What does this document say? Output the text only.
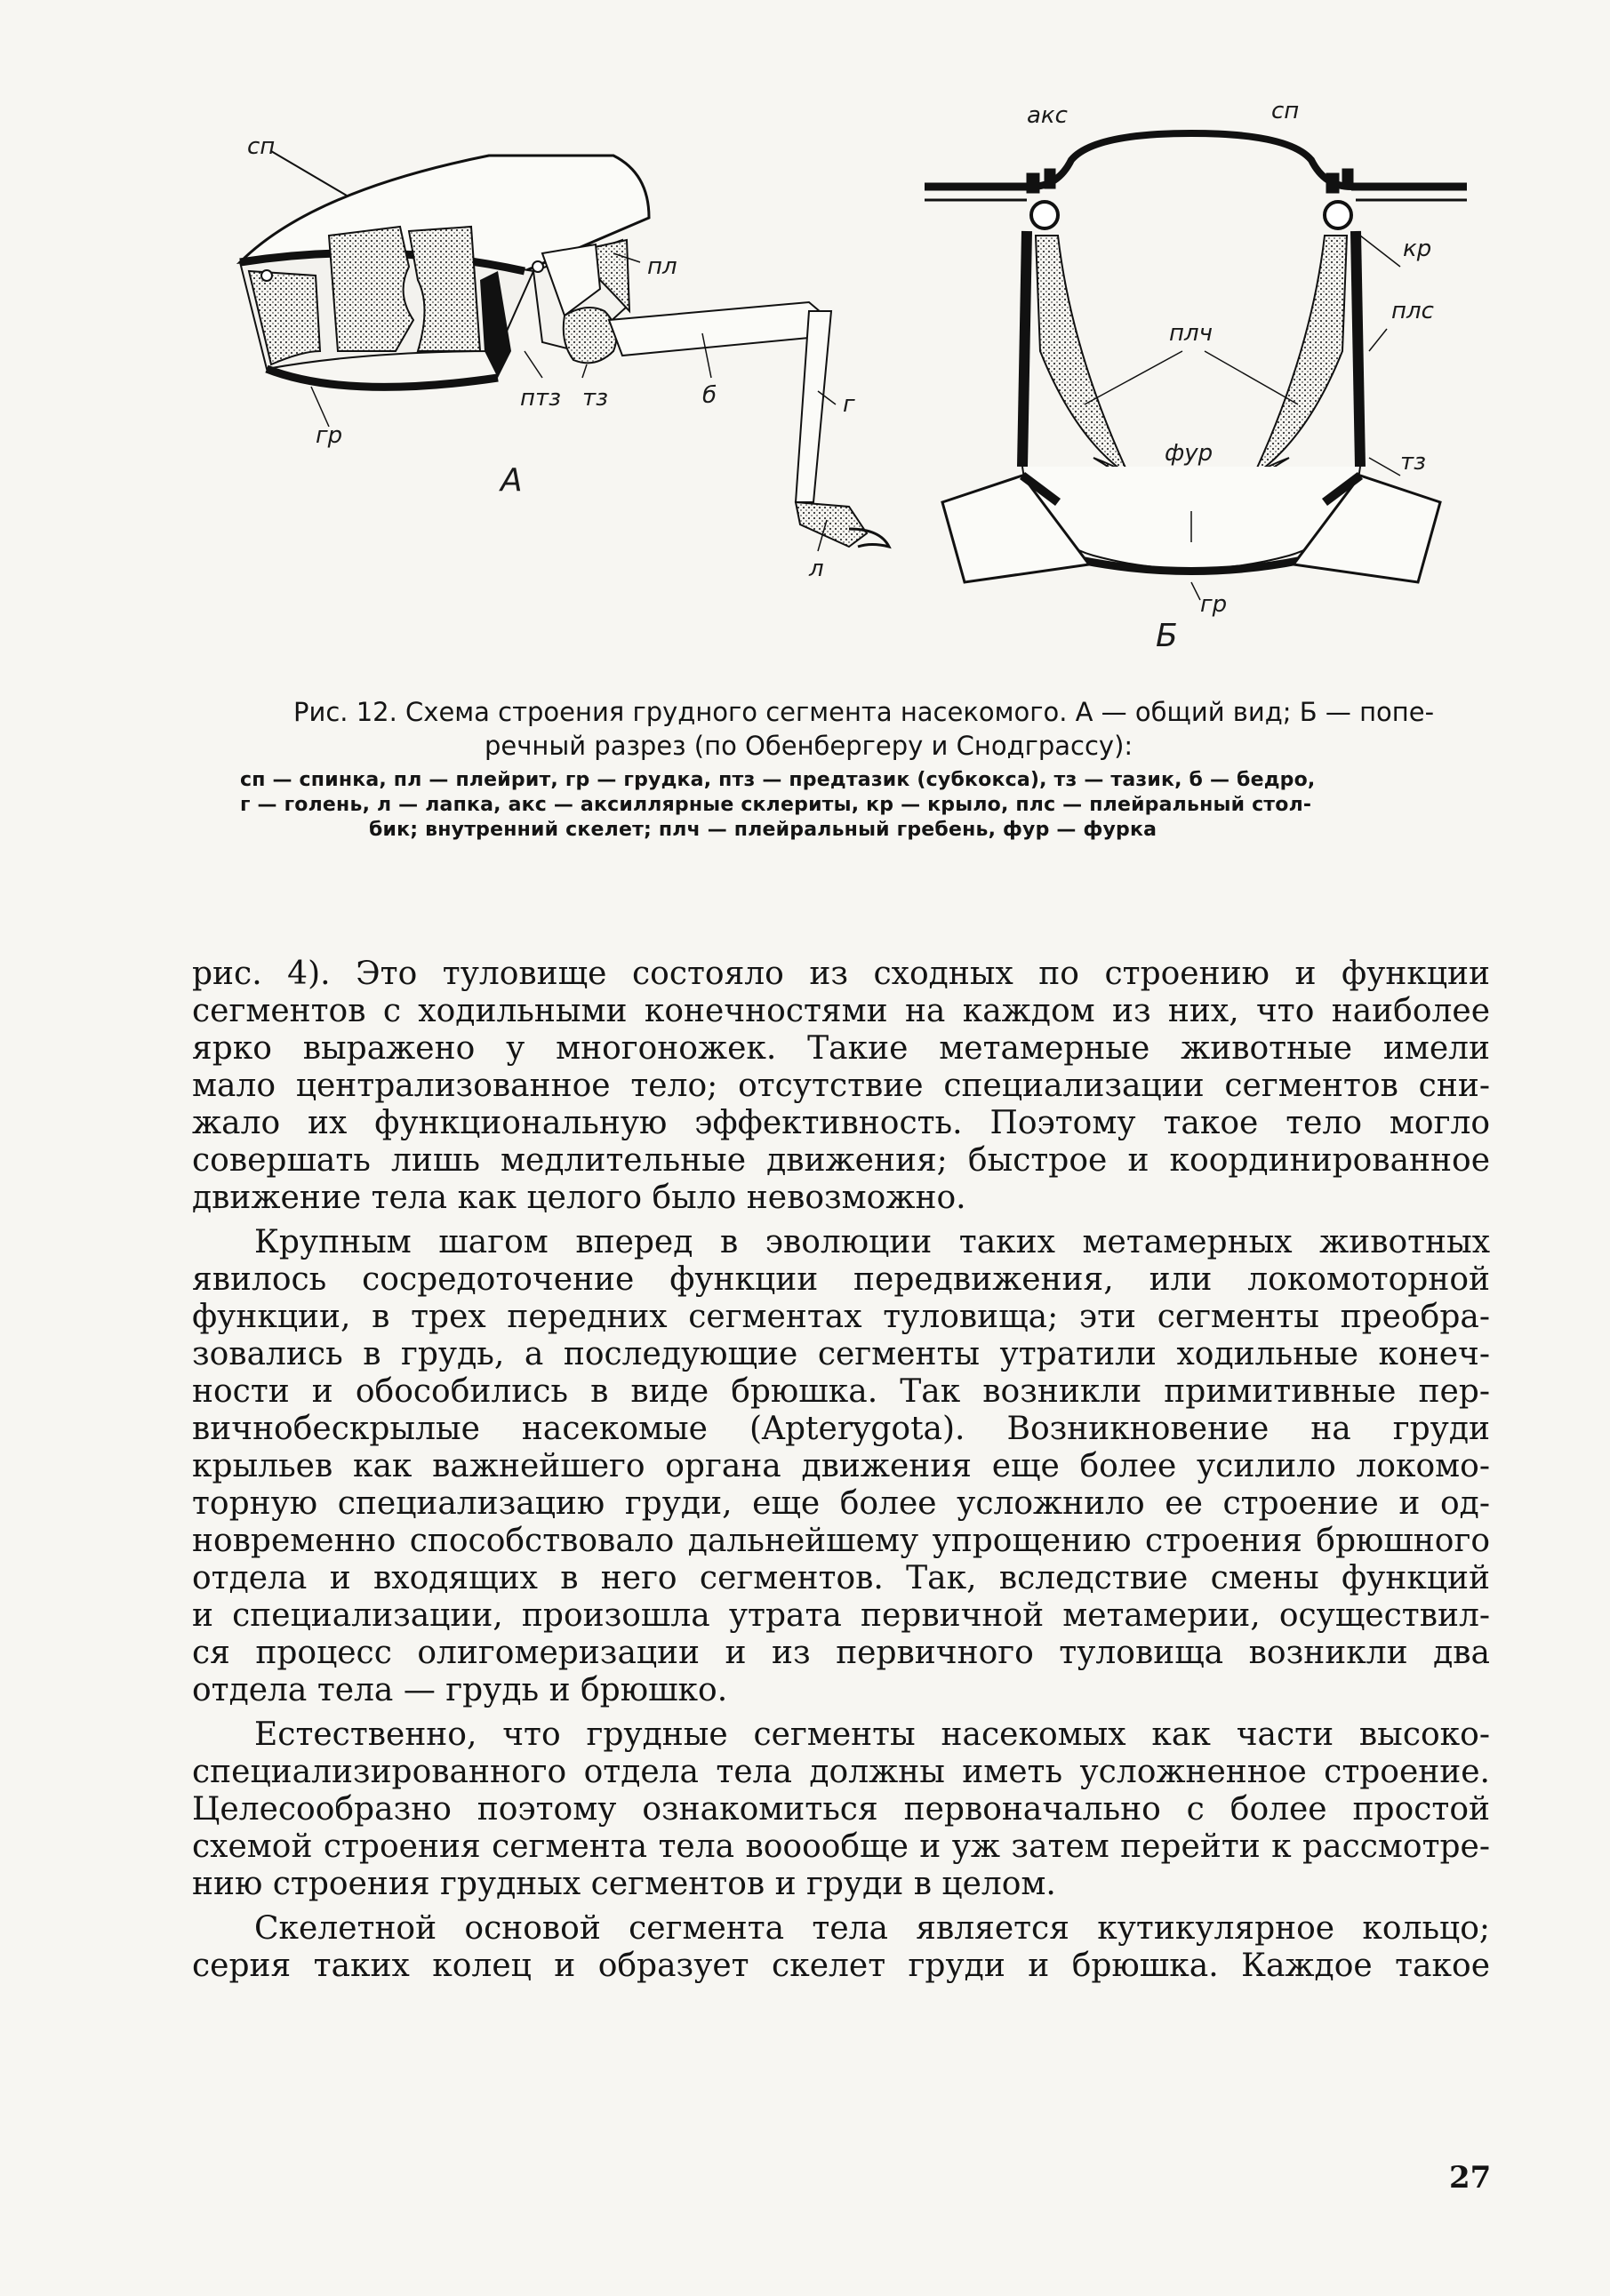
сп
пл
гр
птз тз	б	г
л
А
акс	сп
кр
плс
плч
фур	тз
гр
Б

Рис. 12. Схема строения грудного сегмента насекомого. А — общий вид; Б — попе-
речный разрез (по Обенбергеру и Снодграссу):

сп — спинка, пл — плейрит, гр — грудка, птз — предтазик (субкокса), тз — тазик, б — бедро,
г — голень, л — лапка, акс — аксиллярные склериты, кр — крыло, плс — плейральный стол-
бик; внутренний скелет; плч — плейральный гребень, фур — фурка

рис. 4). Это туловище состояло из сходных по строению и функции
сегментов с ходильными конечностями на каждом из них, что наиболее
ярко выражено у многоножек. Такие метамерные животные имели
мало централизованное тело; отсутствие специализации сегментов сни-
жало их функциональную эффективность. Поэтому такое тело могло
совершать лишь медлительные движения; быстрое и координированное
движение тела как целого было невозможно.
Крупным шагом вперед в эволюции таких метамерных животных
явилось сосредоточение функции передвижения, или локомоторной
функции, в трех передних сегментах туловища; эти сегменты преобра-
зовались в грудь, а последующие сегменты утратили ходильные конеч-
ности и обособились в виде брюшка. Так возникли примитивные пер-
вичнобескрылые насекомые (Apterygota). Возникновение на груди
крыльев как важнейшего органа движения еще более усилило локомо-
торную специализацию груди, еще более усложнило ее строение и од-
новременно способствовало дальнейшему упрощению строения брюшного
отдела и входящих в него сегментов. Так, вследствие смены функций
и специализации, произошла утрата первичной метамерии, осуществил-
ся процесс олигомеризации и из первичного туловища возникли два
отдела тела — грудь и брюшко.
Естественно, что грудные сегменты насекомых как части высоко-
специализированного отдела тела должны иметь усложненное строение.
Целесообразно поэтому ознакомиться первоначально с более простой
схемой строения сегмента тела вооообще и уж затем перейти к рассмотре-
нию строения грудных сегментов и груди в целом.
Скелетной основой сегмента тела является кутикулярное кольцо;
серия таких колец и образует скелет груди и брюшка. Каждое такое
27
